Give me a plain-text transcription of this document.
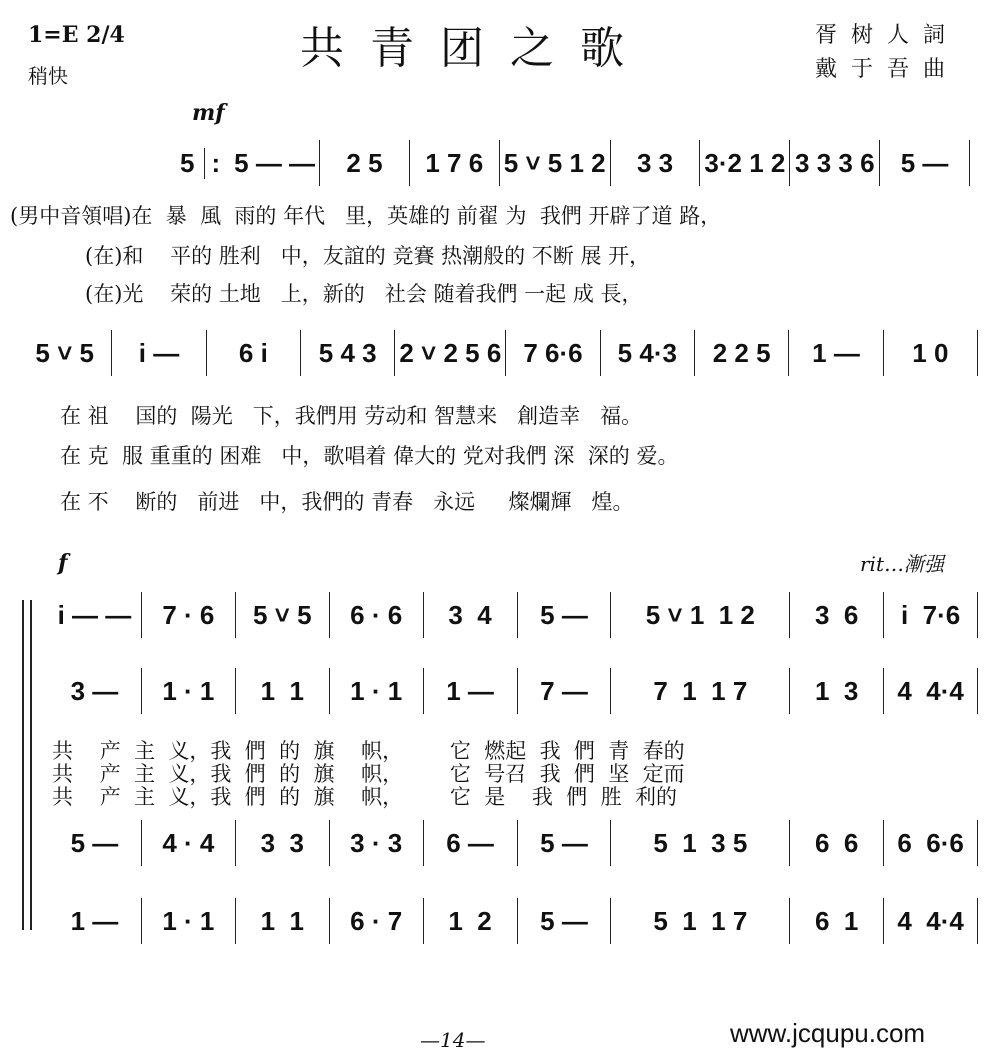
1=E 2/4
稍快
共青团之歌	胥树人詞
戴于吾曲
mf
5 : 5 — —	2 5	1 7 6 5 ˅ 5 1 2	3 3	3·2 1 2 3 3 3 6	5 —
(男中音領唱)在  暴  風  雨的 年代   里，英雄的 前翟 为  我們 开辟了道 路，
(在)和    平的 胜利   中，友誼的 竞賽 热潮般的 不断 展 开，
(在)光    荣的 土地   上，新的   社会 随着我們 一起 成 長，
5 ˅ 5	i —	6 i	5 4 3 2 ˅ 2 5 6 7 6·6	5 4·3	2 2 5	1 —	1 0
在 祖    国的  陽光   下，我們用 劳动和 智慧来   創造幸   福。
在 克  服 重重的 困难   中，歌唱着 偉大的 党对我們 深  深的 爱。
在 不    断的   前进   中，我們的 青春   永远     燦爛輝   煌。
f	rit…漸强
i — —	7 · 6	5 ˅ 5	6 · 6	3  4	5 —	5 ˅ 1  1 2	3  6	i  7·6
3 —	1 · 1	1  1	1 · 1	1 —	7 —	7  1  1 7	1  3	4  4·4
共    产  主  义，我  們  的  旗    帜，       它  燃起  我  們  青  春的
共    产  主  义，我  們  的  旗    帜，       它  号召  我  們  坚  定而
共    产  主  义，我  們  的  旗    帜，       它  是    我  們  胜  利的
5 —	4 · 4	3  3	3 · 3	6 —	5 —	5  1  3 5	6  6	6  6·6
1 —	1 · 1	1  1	6 · 7	1  2	5 —	5  1  1 7	6  1	4  4·4
—14—	www.jcqupu.com
